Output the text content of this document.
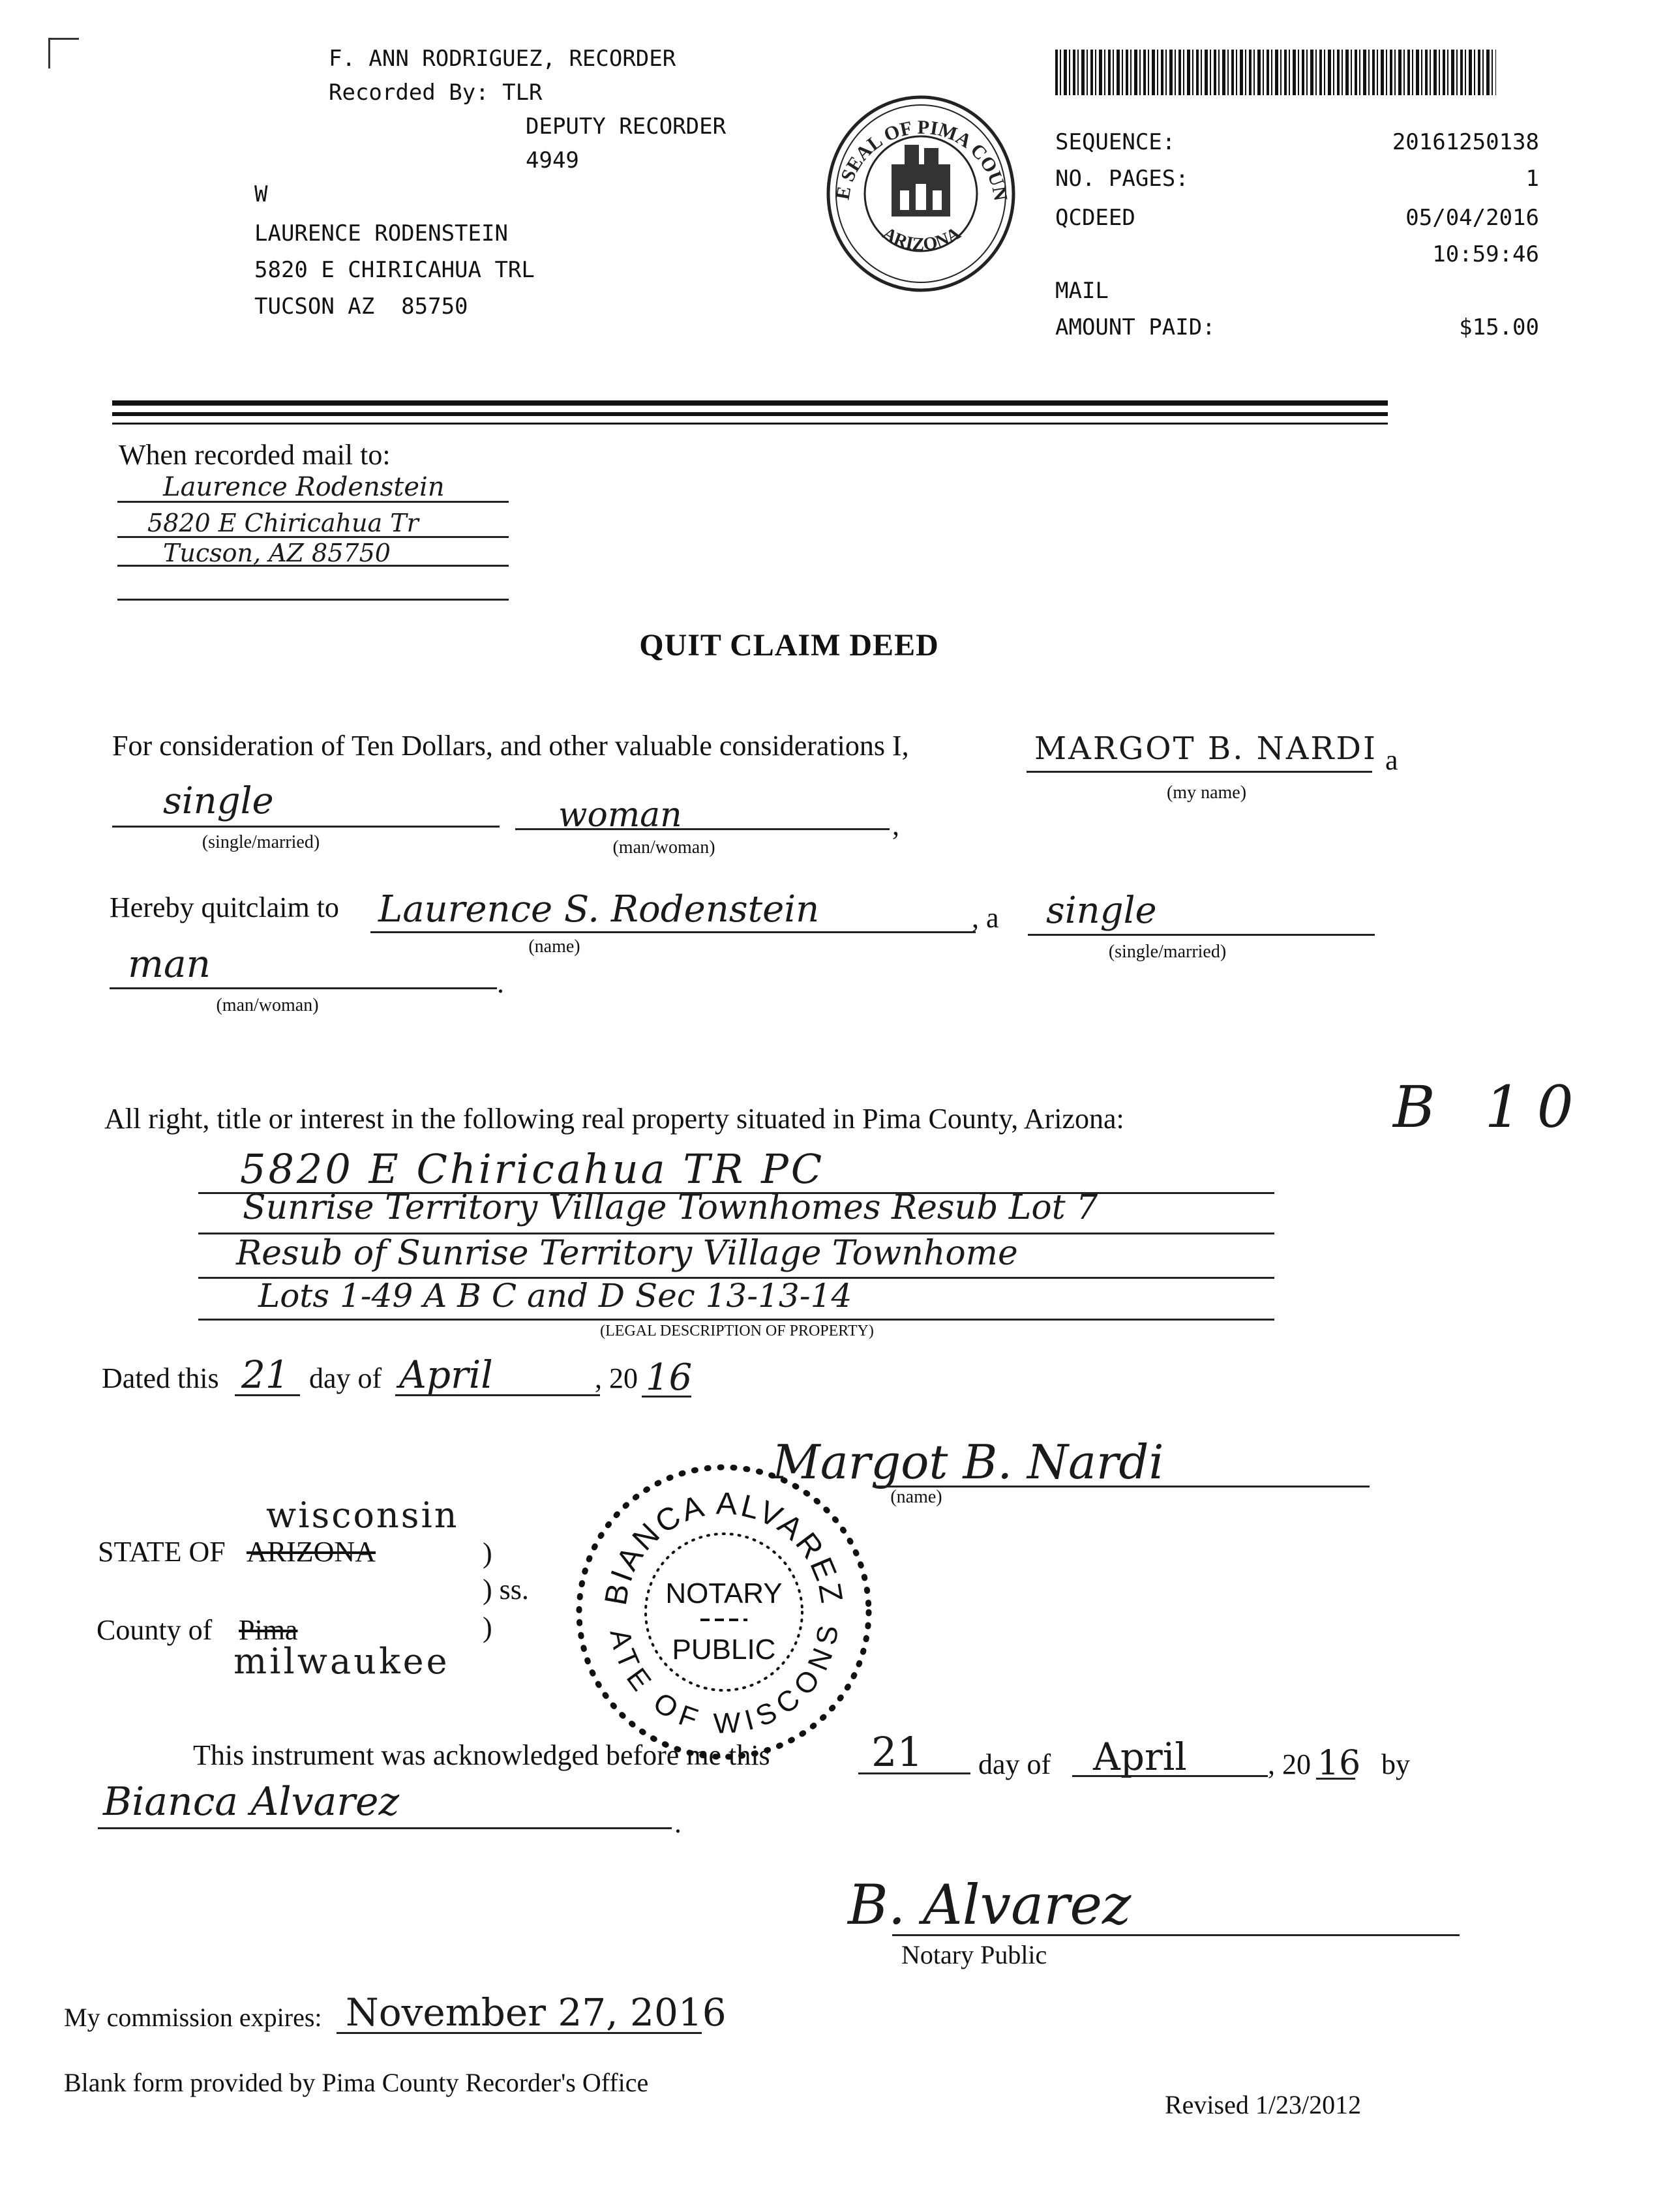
F. ANN RODRIGUEZ, RECORDER
Recorded By: TLR
DEPUTY RECORDER
4949
W
LAURENCE RODENSTEIN
5820 E CHIRICAHUA TRL
TUCSON AZ  85750
E SEAL OF PIMA COUN
ARIZONA
SEQUENCE:	20161250138
NO. PAGES:	1
QCDEED	05/04/2016
10:59:46
MAIL
AMOUNT PAID:	$15.00
When recorded mail to:
Laurence Rodenstein
5820 E Chiricahua Tr
Tucson, AZ 85750
QUIT CLAIM DEED
For consideration of Ten Dollars, and other valuable considerations I,	MARGOT B. NARDI a
(my name)
single
(single/married)
woman	,
(man/woman)
Hereby quitclaim to Laurence S. Rodenstein
(name)
, a single
(single/married)
man	.
(man/woman)
All right, title or interest in the following real property situated in Pima County, Arizona:	B 10
5820 E Chiricahua TR PC
Sunrise Territory Village Townhomes Resub Lot 7
Resub of Sunrise Territory Village Townhome
Lots 1-49 A B C and D Sec 13-13-14
(LEGAL DESCRIPTION OF PROPERTY)
Dated this 21 day of April	, 20 16
Margot B. Nardi
(name)
wisconsin
STATE OF ARIZONA	)
) ss.
County of Pima	)
milwaukee
BIANCA ALVAREZ
ATE OF WISCONS
NOTARY
PUBLIC
This instrument was acknowledged before me this	21 day of April	, 20 16 by
Bianca Alvarez	.
B. Alvarez
Notary Public
My commission expires: November 27, 2016
Blank form provided by Pima County Recorder's Office
Revised 1/23/2012
